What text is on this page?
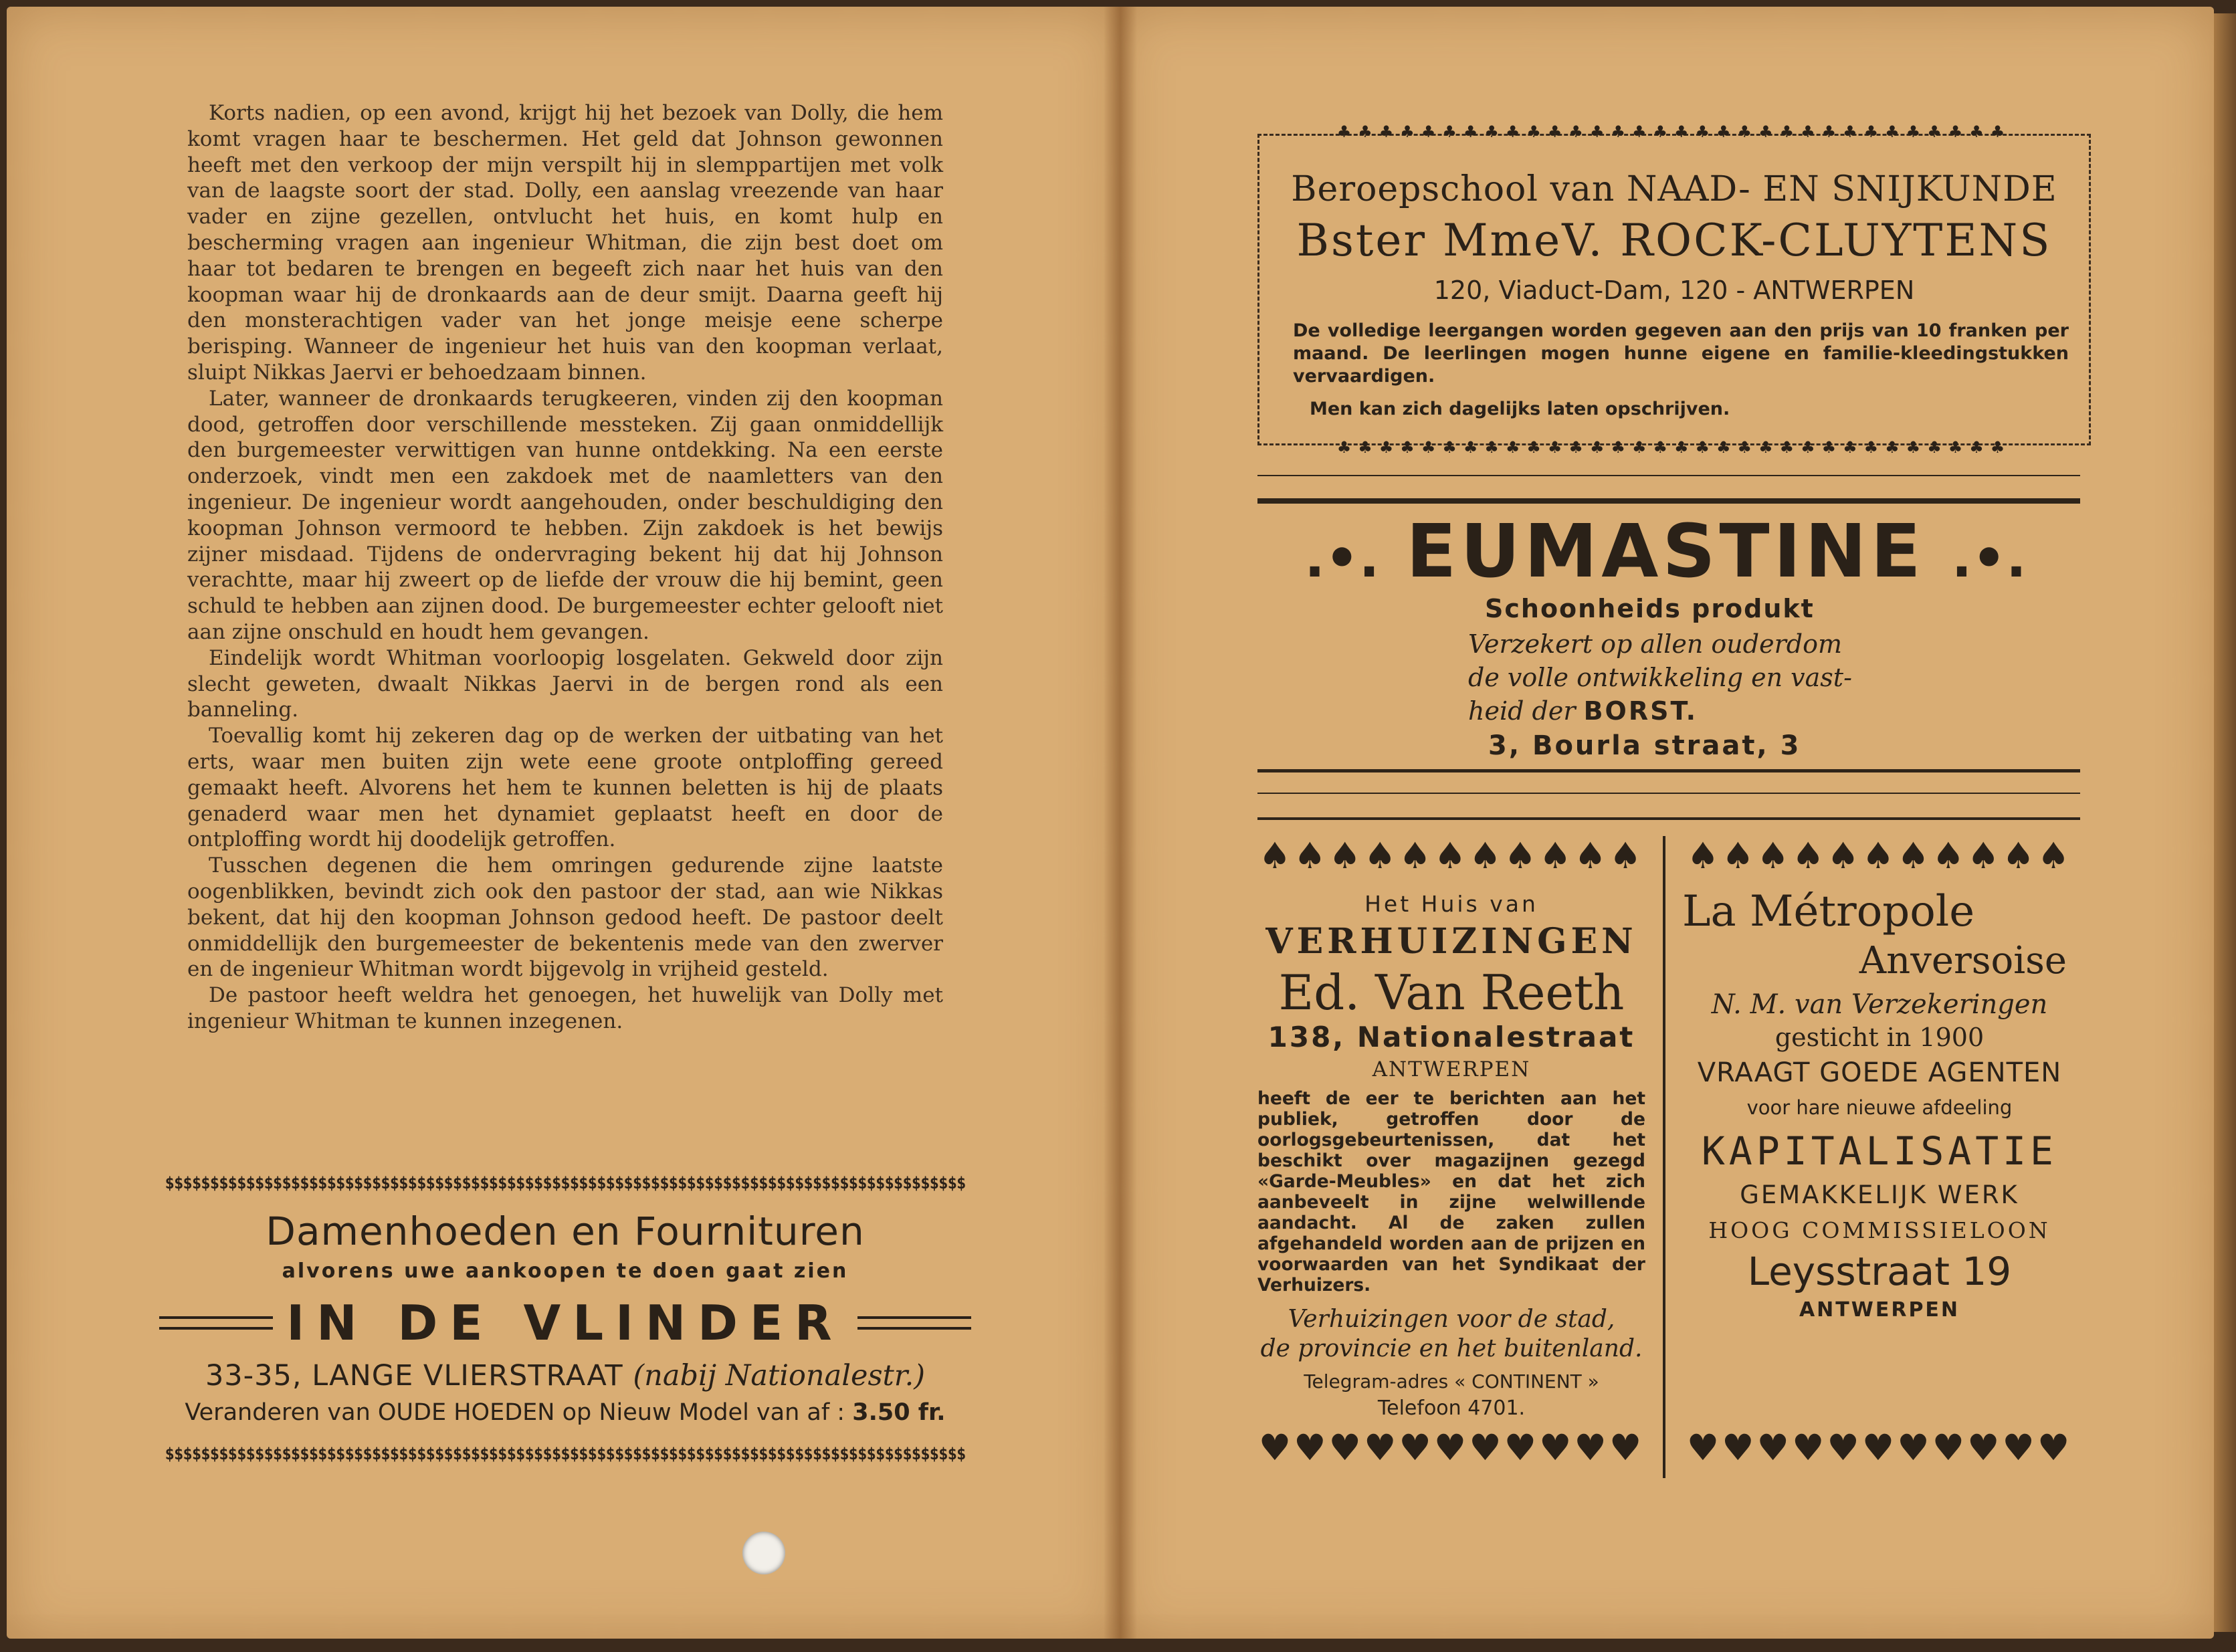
Korts nadien, op een avond, krijgt hij het bezoek van Dolly, die hem komt vragen haar te beschermen. Het geld dat Johnson gewonnen heeft met den verkoop der mijn verspilt hij in slemppartijen met volk van de laagste soort der stad. Dolly, een aanslag vreezende van haar vader en zijne gezellen, ontvlucht het huis, en komt hulp en bescherming vragen aan ingenieur Whitman, die zijn best doet om haar tot bedaren te brengen en begeeft zich naar het huis van den koopman waar hij de dronkaards aan de deur smijt. Daarna geeft hij den monsterachtigen vader van het jonge meisje eene scherpe berisping. Wanneer de ingenieur het huis van den koopman verlaat, sluipt Nikkas Jaervi er behoedzaam binnen.

Later, wanneer de dronkaards terugkeeren, vinden zij den koopman dood, getroffen door verschillende messteken. Zij gaan onmiddellijk den burgemeester verwittigen van hunne ontdekking. Na een eerste onderzoek, vindt men een zakdoek met de naamletters van den ingenieur. De ingenieur wordt aangehouden, onder beschuldiging den koopman Johnson vermoord te hebben. Zijn zakdoek is het bewijs zijner misdaad. Tijdens de ondervraging bekent hij dat hij Johnson verachtte, maar hij zweert op de liefde der vrouw die hij bemint, geen schuld te hebben aan zijnen dood. De burgemeester echter gelooft niet aan zijne onschuld en houdt hem gevangen.

Eindelijk wordt Whitman voorloopig losgelaten. Gekweld door zijn slecht geweten, dwaalt Nikkas Jaervi in de bergen rond als een banneling.

Toevallig komt hij zekeren dag op de werken der uitbating van het erts, waar men buiten zijn wete eene groote ontploffing gereed gemaakt heeft. Alvorens het hem te kunnen beletten is hij de plaats genaderd waar men het dynamiet geplaatst heeft en door de ontploffing wordt hij doodelijk getroffen.

Tusschen degenen die hem omringen gedurende zijne laatste oogenblikken, bevindt zich ook den pastoor der stad, aan wie Nikkas bekent, dat hij den koopman Johnson gedood heeft. De pastoor deelt onmiddellijk den burgemeester de bekentenis mede van den zwerver en de ingenieur Whitman wordt bijgevolg in vrijheid gesteld.

De pastoor heeft weldra het genoegen, het huwelijk van Dolly met ingenieur Whitman te kunnen inzegenen.

$$$$$$$$$$$$$$$$$$$$$$$$$$$$$$$$$$$$$$$$$$$$$$$$$$$$$$$$$$$$$$$$$$$$$$$$$$$$$$$$$$$$$$$$$
Damenhoeden en Fournituren
alvorens uwe aankoopen te doen gaat zien
IN DE VLINDER
33-35, LANGE VLIERSTRAAT (nabij Nationalestr.)
Veranderen van OUDE HOEDEN op Nieuw Model van af : 3.50 fr.
$$$$$$$$$$$$$$$$$$$$$$$$$$$$$$$$$$$$$$$$$$$$$$$$$$$$$$$$$$$$$$$$$$$$$$$$$$$$$$$$$$$$$$$$$
♣♣♣♣♣♣♣♣♣♣♣♣♣♣♣♣♣♣♣♣♣♣♣♣♣♣♣♣♣♣♣♣
Beroepschool van NAAD- EN SNIJKUNDE
Bster MmeV. ROCK-CLUYTENS
120, Viaduct-Dam, 120 - ANTWERPEN
De volledige leergangen worden gegeven aan den prijs van 10 franken per maand. De leerlingen mogen hunne eigene en familie-kleedingstukken vervaardigen.
Men kan zich dagelijks laten opschrijven.
♣♣♣♣♣♣♣♣♣♣♣♣♣♣♣♣♣♣♣♣♣♣♣♣♣♣♣♣♣♣♣♣
.•. EUMASTINE .•.
Schoonheids produkt
Verzekert op allen ouderdom
de volle ontwikkeling en vast-
heid der BORST.
3, Bourla straat, 3
♠♠♠♠♠♠♠♠♠♠♠
Het Huis van
VERHUIZINGEN
Ed. Van Reeth
138, Nationalestraat
ANTWERPEN
heeft de eer te berichten aan het publiek, getroffen door de oorlogsgebeurtenissen, dat het beschikt over magazijnen gezegd «Garde-Meubles» en dat het zich aanbeveelt in zijne welwillende aandacht. Al de zaken zullen afgehandeld worden aan de prijzen en voorwaarden van het Syndikaat der Verhuizers.
Verhuizingen voor de stad,
de provincie en het buitenland.
Telegram-adres « CONTINENT »
Telefoon 4701.
♥♥♥♥♥♥♥♥♥♥♥
♠♠♠♠♠♠♠♠♠♠♠
La Métropole
Anversoise
N. M. van Verzekeringen
gesticht in 1900
VRAAGT GOEDE AGENTEN
voor hare nieuwe afdeeling
KAPITALISATIE
GEMAKKELIJK WERK
HOOG COMMISSIELOON
Leysstraat 19
ANTWERPEN
♥♥♥♥♥♥♥♥♥♥♥
